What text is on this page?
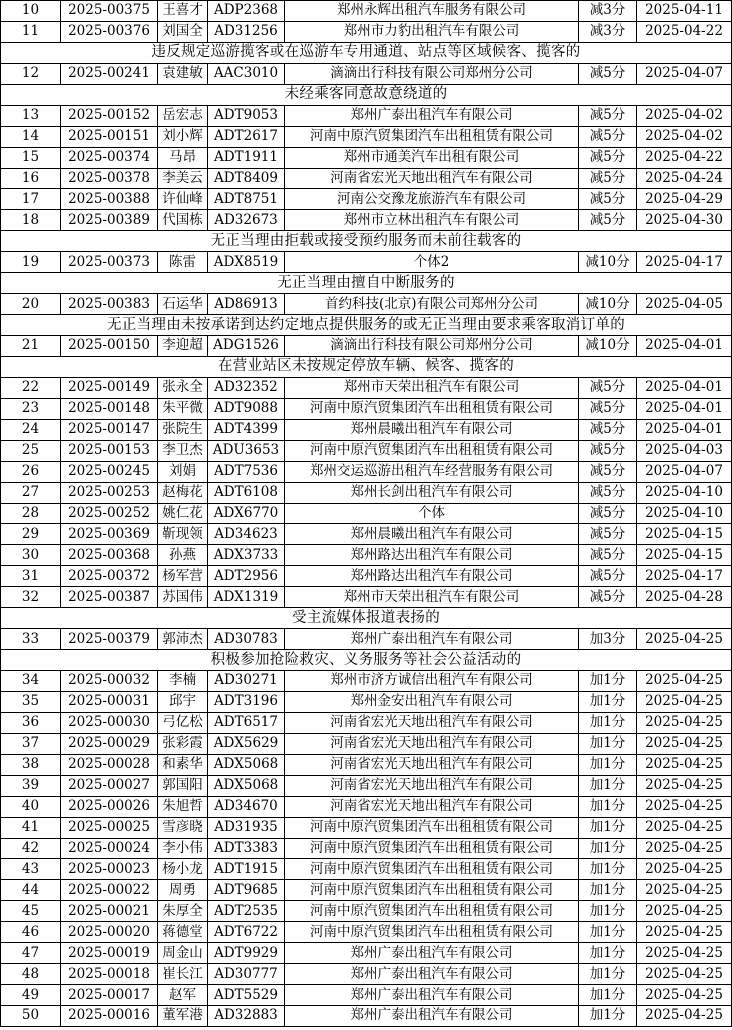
10	2025-00375	王喜才	ADP2368	郑州永辉出租汽车服务有限公司	减3分	2025-04-11
11	2025-00376	刘国全	AD31256	郑州市力豹出租汽车有限公司	减3分	2025-04-22
违反规定巡游揽客或在巡游车专用通道、站点等区域候客、揽客的						
12	2025-00241	袁建敏	AAC3010	滴滴出行科技有限公司郑州分公司	减5分	2025-04-07
未经乘客同意故意绕道的						
13	2025-00152	岳宏志	ADT9053	郑州广泰出租汽车有限公司	减5分	2025-04-02
14	2025-00151	刘小辉	ADT2617	河南中原汽贸集团汽车出租租赁有限公司	减5分	2025-04-02
15	2025-00374	马昂	ADT1911	郑州市通美汽车出租有限公司	减5分	2025-04-22
16	2025-00378	李美云	ADT8409	河南省宏光天地出租汽车有限公司	减5分	2025-04-24
17	2025-00388	许仙峰	ADT8751	河南公交豫龙旅游汽车有限公司	减5分	2025-04-29
18	2025-00389	代国栋	AD32673	郑州市立林出租汽车有限公司	减5分	2025-04-30
无正当理由拒载或接受预约服务而未前往载客的						
19	2025-00373	陈雷	ADX8519	个体2	减10分	2025-04-17
无正当理由擅自中断服务的						
20	2025-00383	石运华	AD86913	首约科技(北京)有限公司郑州分公司	减10分	2025-04-05
无正当理由未按承诺到达约定地点提供服务的或无正当理由要求乘客取消订单的						
21	2025-00150	李迎超	ADG1526	滴滴出行科技有限公司郑州分公司	减10分	2025-04-01
在营业站区未按规定停放车辆、候客、揽客的						
22	2025-00149	张永全	AD32352	郑州市天荣出租汽车有限公司	减5分	2025-04-01
23	2025-00148	朱平微	ADT9088	河南中原汽贸集团汽车出租租赁有限公司	减5分	2025-04-01
24	2025-00147	张院生	ADT4399	郑州晨曦出租汽车有限公司	减5分	2025-04-01
25	2025-00153	李卫杰	ADU3653	河南中原汽贸集团汽车出租租赁有限公司	减5分	2025-04-03
26	2025-00245	刘娟	ADT7536	郑州交运巡游出租汽车经营服务有限公司	减5分	2025-04-07
27	2025-00253	赵梅花	ADT6108	郑州长剑出租汽车有限公司	减5分	2025-04-10
28	2025-00252	姚仁花	ADX6770	个体	减5分	2025-04-10
29	2025-00369	靳现领	AD34623	郑州晨曦出租汽车有限公司	减5分	2025-04-15
30	2025-00368	孙燕	ADX3733	郑州路达出租汽车有限公司	减5分	2025-04-15
31	2025-00372	杨军营	ADT2956	郑州路达出租汽车有限公司	减5分	2025-04-17
32	2025-00387	苏国伟	ADX1319	郑州市天荣出租汽车有限公司	减5分	2025-04-28
受主流媒体报道表扬的						
33	2025-00379	郭沛杰	AD30783	郑州广泰出租汽车有限公司	加3分	2025-04-25
积极参加抢险救灾、义务服务等社会公益活动的						
34	2025-00032	李楠	AD30271	郑州市济方诚信出租汽车有限公司	加1分	2025-04-25
35	2025-00031	邱宇	ADT3196	郑州金安出租汽车有限公司	加1分	2025-04-25
36	2025-00030	弓亿松	ADT6517	河南省宏光天地出租汽车有限公司	加1分	2025-04-25
37	2025-00029	张彩霞	ADX5629	河南省宏光天地出租汽车有限公司	加1分	2025-04-25
38	2025-00028	和素华	ADX5068	河南省宏光天地出租汽车有限公司	加1分	2025-04-25
39	2025-00027	郭国阳	ADX5068	河南省宏光天地出租汽车有限公司	加1分	2025-04-25
40	2025-00026	朱旭哲	AD34670	河南省宏光天地出租汽车有限公司	加1分	2025-04-25
41	2025-00025	雪彦晓	AD31935	河南中原汽贸集团汽车出租租赁有限公司	加1分	2025-04-25
42	2025-00024	李小伟	ADT3383	河南中原汽贸集团汽车出租租赁有限公司	加1分	2025-04-25
43	2025-00023	杨小龙	ADT1915	河南中原汽贸集团汽车出租租赁有限公司	加1分	2025-04-25
44	2025-00022	周勇	ADT9685	河南中原汽贸集团汽车出租租赁有限公司	加1分	2025-04-25
45	2025-00021	朱厚全	ADT2535	河南中原汽贸集团汽车出租租赁有限公司	加1分	2025-04-25
46	2025-00020	蒋德堂	ADT6722	河南中原汽贸集团汽车出租租赁有限公司	加1分	2025-04-25
47	2025-00019	周金山	ADT9929	郑州广泰出租汽车有限公司	加1分	2025-04-25
48	2025-00018	崔长江	AD30777	郑州广泰出租汽车有限公司	加1分	2025-04-25
49	2025-00017	赵军	ADT5529	郑州广泰出租汽车有限公司	加1分	2025-04-25
50	2025-00016	董军港	AD32883	郑州广泰出租汽车有限公司	加1分	2025-04-25
